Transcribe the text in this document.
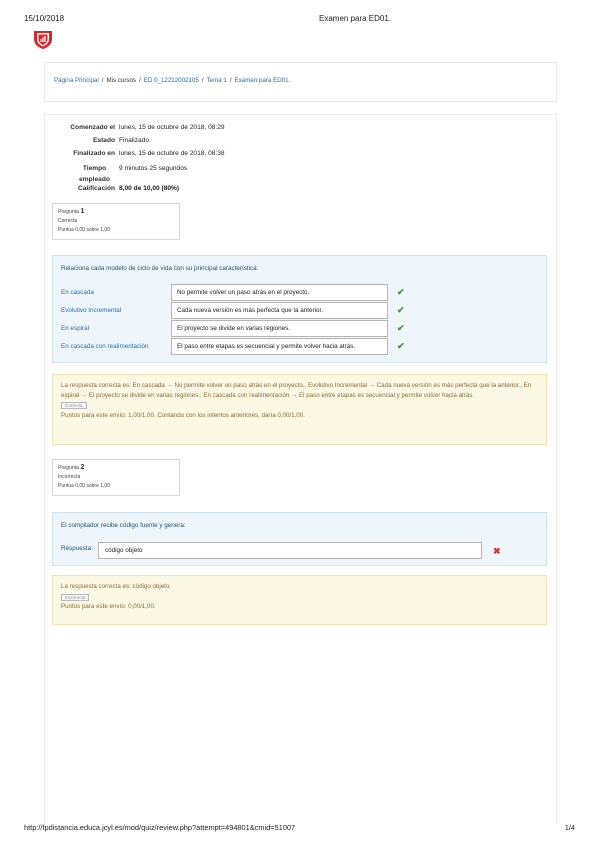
15/10/2018	Examen para ED01.
Página Principal / Mis cursos / ED 0_12212002105 / Tema 1 / Examen para ED01.
Comenzado el lunes, 15 de octubre de 2018, 08:29
Estado Finalizado
Finalizado en lunes, 15 de octubre de 2018, 08:38
Tiempo empleado
9 minutos 25 segundos
Calificación 8,00 de 10,00 (80%)
Pregunta 1
Correcta
Puntúa 0,00 sobre 1,00
Relaciona cada modelo de ciclo de vida con su principal característica:
En cascada	No permite volver un paso atrás en el proyecto.	✔
Evolutivo Incremental	Cada nueva versión es más perfecta que la anterior.	✔
En espiral	El proyecto se divide en varias regiones.	✔
En cascada con realimentación	El paso entre etapas es secuencial y permite volver hacia atrás.	✔
La respuesta correcta es: En cascada → No permite volver un paso atrás en el proyecto., Evolutivo Incremental → Cada nueva versión es más perfecta que la anterior., En espiral → El proyecto se divide en varias regiones., En cascada con realimentación → El paso entre etapas es secuencial y permite volver hacia atrás.
Correcta
Puntos para este envío: 1,00/1,00. Contando con los intentos anteriores, daría 0,00/1,00.
Pregunta 2
Incorrecta
Puntúa 0,00 sobre 1,00
El compilador recibe código fuente y genera:
Respuesta:	código objeto	✖
La respuesta correcta es: código objeto.
Incorrecta
Puntos para este envío: 0,00/1,00.
http://fpdistancia.educa.jcyl.es/mod/quiz/review.php?attempt=494801&cmid=51007	1/4
